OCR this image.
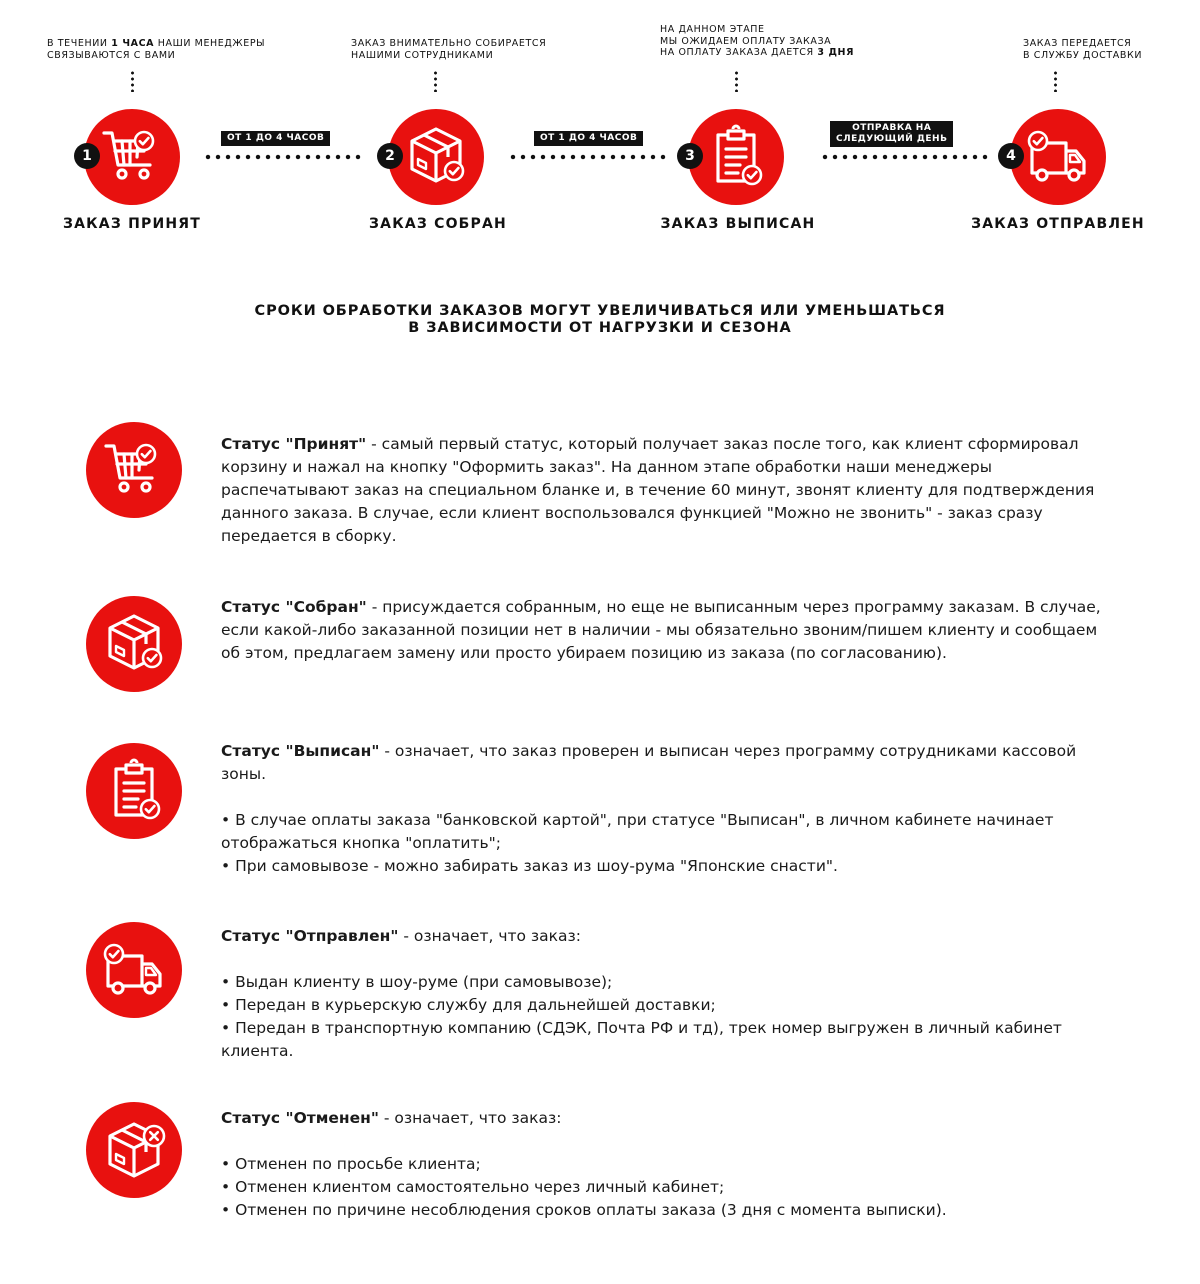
В ТЕЧЕНИИ 1 ЧАСА НАШИ МЕНЕДЖЕРЫ
СВЯЗЫВАЮТСЯ С ВАМИ
ЗАКАЗ ВНИМАТЕЛЬНО СОБИРАЕТСЯ
НАШИМИ СОТРУДНИКАМИ
НА ДАННОМ ЭТАПЕ
МЫ ОЖИДАЕМ ОПЛАТУ ЗАКАЗА
НА ОПЛАТУ ЗАКАЗА ДАЕТСЯ 3 ДНЯ
ЗАКАЗ ПЕРЕДАЕТСЯ
В СЛУЖБУ ДОСТАВКИ
1	2	3	4
ОТ 1 ДО 4 ЧАСОВ	ОТ 1 ДО 4 ЧАСОВ
ОТПРАВКА НА
СЛЕДУЮЩИЙ ДЕНЬ
ЗАКАЗ ПРИНЯТ	ЗАКАЗ СОБРАН	ЗАКАЗ ВЫПИСАН	ЗАКАЗ ОТПРАВЛЕН
СРОКИ ОБРАБОТКИ ЗАКАЗОВ МОГУТ УВЕЛИЧИВАТЬСЯ ИЛИ УМЕНЬШАТЬСЯ
В ЗАВИСИМОСТИ ОТ НАГРУЗКИ И СЕЗОНА

Статус "Принят" - самый первый статус, который получает заказ после того, как клиент сформировал корзину и нажал на кнопку "Оформить заказ". На данном этапе обработки наши менеджеры распечатывают заказ на специальном бланке и, в течение 60 минут, звонят клиенту для подтверждения данного заказа. В случае, если клиент воспользовался функцией "Можно не звонить" - заказ сразу передается в сборку.

Статус "Собран" - присуждается собранным, но еще не выписанным через программу заказам. В случае, если какой-либо заказанной позиции нет в наличии - мы обязательно звоним/пишем клиенту и сообщаем об этом, предлагаем замену или просто убираем позицию из заказа (по согласованию).

Статус "Выписан" - означает, что заказ проверен и выписан через программу сотрудниками кассовой зоны.

• В случае оплаты заказа "банковской картой", при статусе "Выписан", в личном кабинете начинает отображаться кнопка "оплатить";

• При самовывозе - можно забирать заказ из шоу-рума "Японские снасти".

Статус "Отправлен" - означает, что заказ:

• Выдан клиенту в шоу-руме (при самовывозе);

• Передан в курьерскую службу для дальнейшей доставки;

• Передан в транспортную компанию (СДЭК, Почта РФ и тд), трек номер выгружен в личный кабинет клиента.

Статус "Отменен" - означает, что заказ:

• Отменен по просьбе клиента;

• Отменен клиентом самостоятельно через личный кабинет;

• Отменен по причине несоблюдения сроков оплаты заказа (3 дня с момента выписки).
